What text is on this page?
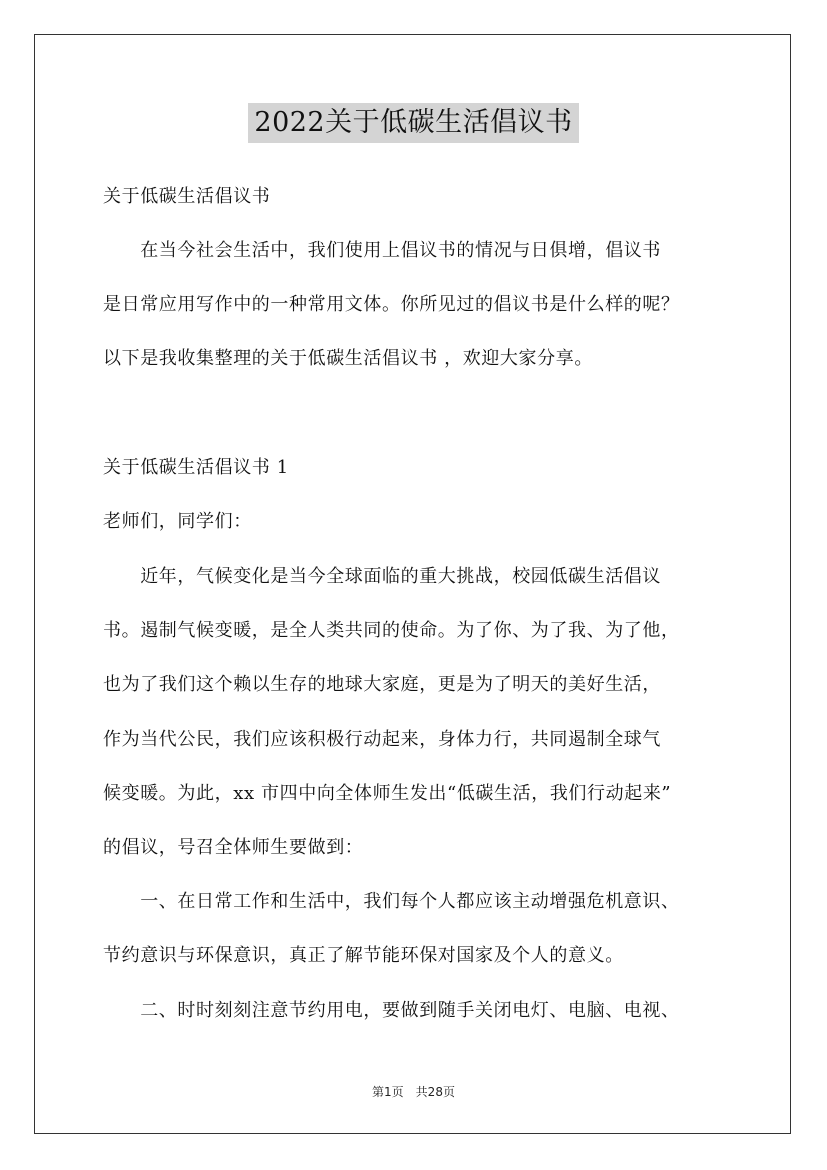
2022关于低碳生活倡议书
关于低碳生活倡议书
　　在当今社会生活中，我们使用上倡议书的情况与日俱增，倡议书
是日常应用写作中的一种常用文体。你所见过的倡议书是什么样的呢？
以下是我收集整理的关于低碳生活倡议书 ，欢迎大家分享。
关于低碳生活倡议书 1
老师们，同学们：
　　近年，气候变化是当今全球面临的重大挑战，校园低碳生活倡议
书。遏制气候变暖，是全人类共同的使命。为了你、为了我、为了他，
也为了我们这个赖以生存的地球大家庭，更是为了明天的美好生活，
作为当代公民，我们应该积极行动起来，身体力行，共同遏制全球气
候变暖。为此，xx 市四中向全体师生发出“低碳生活，我们行动起来”
的倡议，号召全体师生要做到：
　　一、在日常工作和生活中，我们每个人都应该主动增强危机意识、
节约意识与环保意识，真正了解节能环保对国家及个人的意义。
　　二、时时刻刻注意节约用电，要做到随手关闭电灯、电脑、电视、
第1页　共28页
